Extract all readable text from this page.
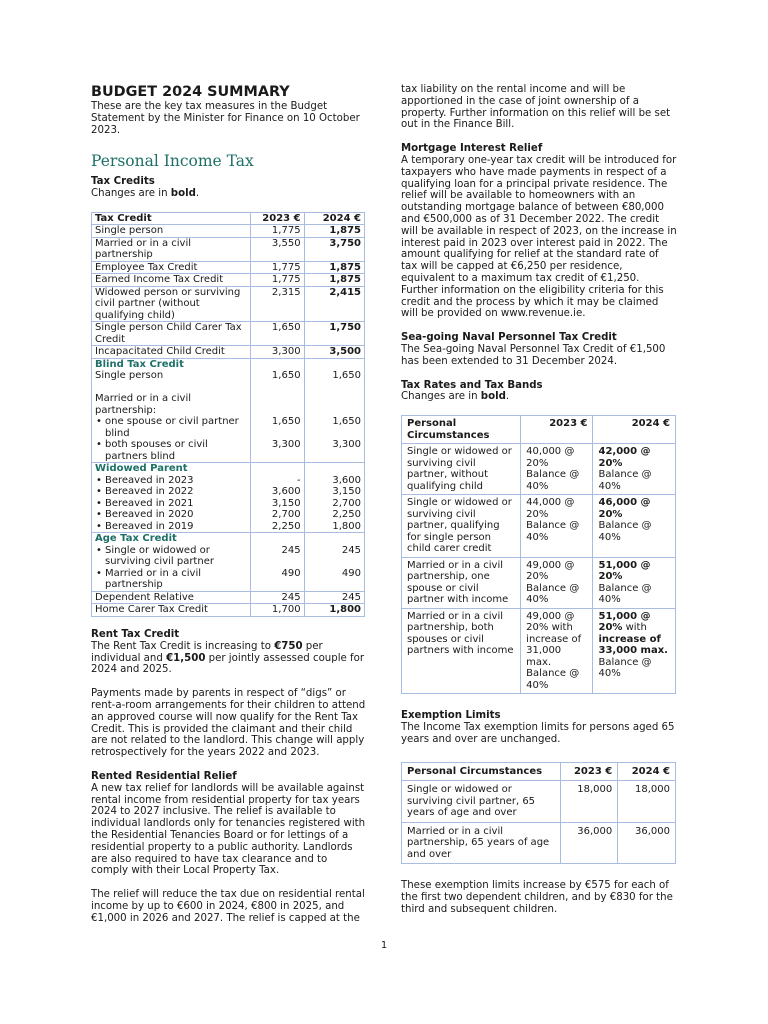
BUDGET 2024 SUMMARY

These are the key tax measures in the Budget Statement by the Minister for Finance on 10 October 2023.

Personal Income Tax

Tax Credits

Changes are in bold.

Tax Credit	2023 €	2024 €
Single person	1,775	1,875
Married or in a civil partnership	3,550	3,750
Employee Tax Credit	1,775	1,875
Earned Income Tax Credit	1,775	1,875
Widowed person or surviving civil partner (without qualifying child)	2,315	2,415
Single person Child Carer Tax Credit	1,650	1,750
Incapacitated Child Credit	3,300	3,500
Blind Tax Credit		
Single person	1,650	1,650

Married or in a civil partnership:		

• one spouse or civil partner blind	1,650	1,650

• both spouses or civil partners blind	3,300	3,300
Widowed Parent		

• Bereaved in 2023	-	3,600

• Bereaved in 2022	3,600	3,150

• Bereaved in 2021	3,150	2,700

• Bereaved in 2020	2,700	2,250

• Bereaved in 2019	2,250	1,800
Age Tax Credit		

• Single or widowed or surviving civil partner	245	245

• Married or in a civil partnership	490	490
Dependent Relative	245	245
Home Carer Tax Credit	1,700	1,800

Rent Tax Credit

The Rent Tax Credit is increasing to €750 per individual and €1,500 per jointly assessed couple for 2024 and 2025.

Payments made by parents in respect of “digs” or rent-a-room arrangements for their children to attend an approved course will now qualify for the Rent Tax Credit. This is provided the claimant and their child are not related to the landlord. This change will apply retrospectively for the years 2022 and 2023.

Rented Residential Relief

A new tax relief for landlords will be available against rental income from residential property for tax years 2024 to 2027 inclusive. The relief is available to individual landlords only for tenancies registered with the Residential Tenancies Board or for lettings of a residential property to a public authority. Landlords are also required to have tax clearance and to comply with their Local Property Tax.

The relief will reduce the tax due on residential rental income by up to €600 in 2024, €800 in 2025, and €1,000 in 2026 and 2027. The relief is capped at the

tax liability on the rental income and will be apportioned in the case of joint ownership of a property. Further information on this relief will be set out in the Finance Bill.

Mortgage Interest Relief

A temporary one-year tax credit will be introduced for taxpayers who have made payments in respect of a qualifying loan for a principal private residence. The relief will be available to homeowners with an outstanding mortgage balance of between €80,000 and €500,000 as of 31 December 2022. The credit will be available in respect of 2023, on the increase in interest paid in 2023 over interest paid in 2022. The amount qualifying for relief at the standard rate of tax will be capped at €6,250 per residence, equivalent to a maximum tax credit of €1,250. Further information on the eligibility criteria for this credit and the process by which it may be claimed will be provided on www.revenue.ie.

Sea-going Naval Personnel Tax Credit

The Sea-going Naval Personnel Tax Credit of €1,500 has been extended to 31 December 2024.

Tax Rates and Tax Bands

Changes are in bold.

Personal Circumstances	2023 €	2024 €
Single or widowed or surviving civil partner, without qualifying child	40,000 @ 20% Balance @ 40%	42,000 @ 20%
Balance @ 40%
Single or widowed or surviving civil partner, qualifying for single person child carer credit	44,000 @ 20% Balance @ 40%	46,000 @ 20%
Balance @ 40%
Married or in a civil partnership, one spouse or civil partner with income	49,000 @ 20% Balance @ 40%	51,000 @ 20%
Balance @ 40%
Married or in a civil partnership, both spouses or civil partners with income	49,000 @ 20% with increase of 31,000 max. Balance @ 40%	51,000 @ 20% with increase of 33,000 max.
Balance @ 40%

Exemption Limits

The Income Tax exemption limits for persons aged 65 years and over are unchanged.

Personal Circumstances	2023 €	2024 €
Single or widowed or surviving civil partner, 65 years of age and over	18,000	18,000
Married or in a civil partnership, 65 years of age and over	36,000	36,000

These exemption limits increase by €575 for each of the first two dependent children, and by €830 for the third and subsequent children.

1
